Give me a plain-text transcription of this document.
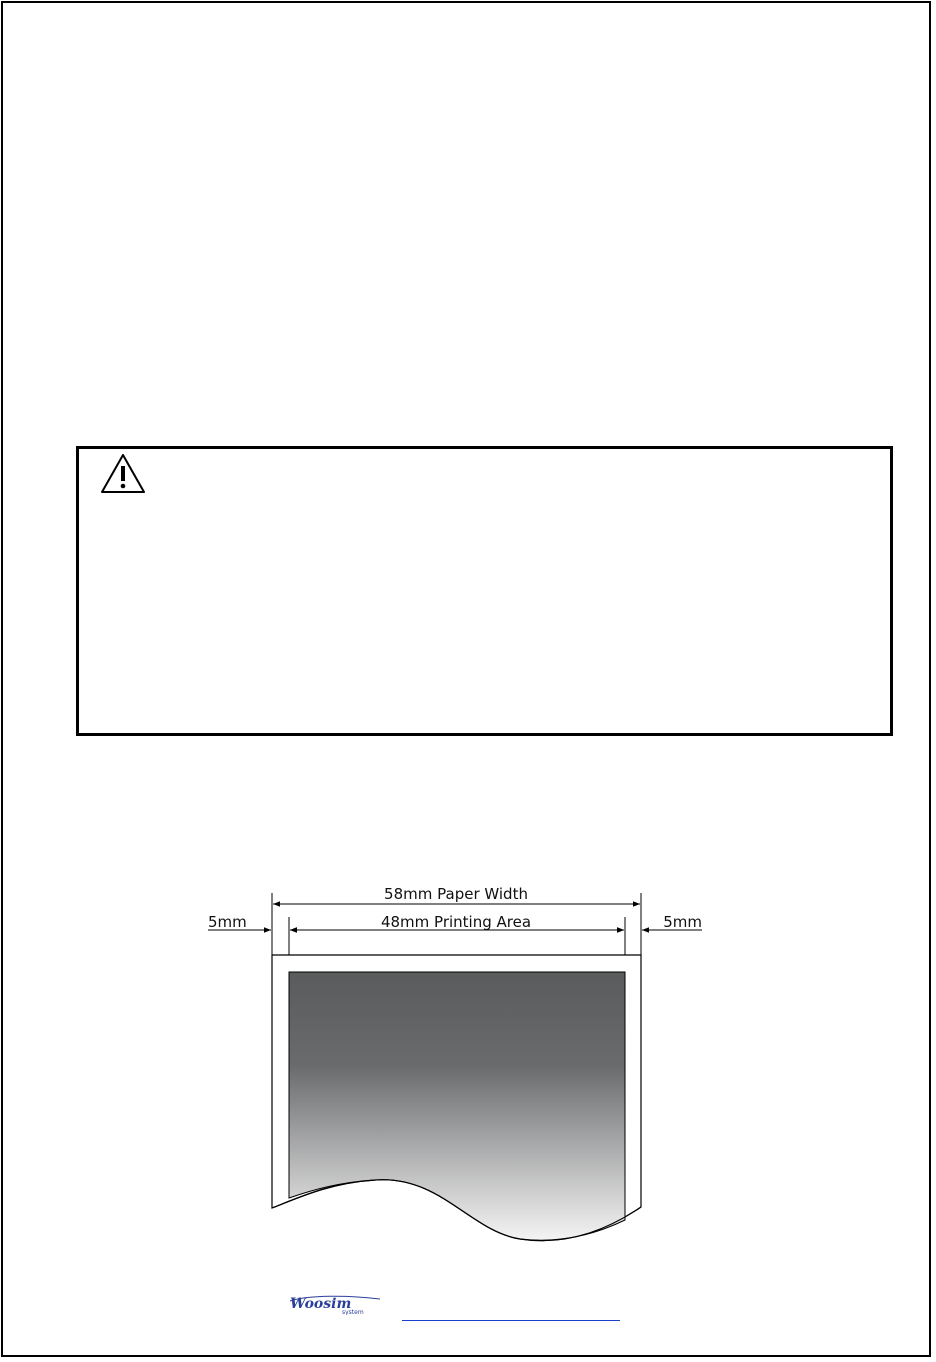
58mm Paper Width
48mm Printing Area
5mm	5mm
Woosim
system
